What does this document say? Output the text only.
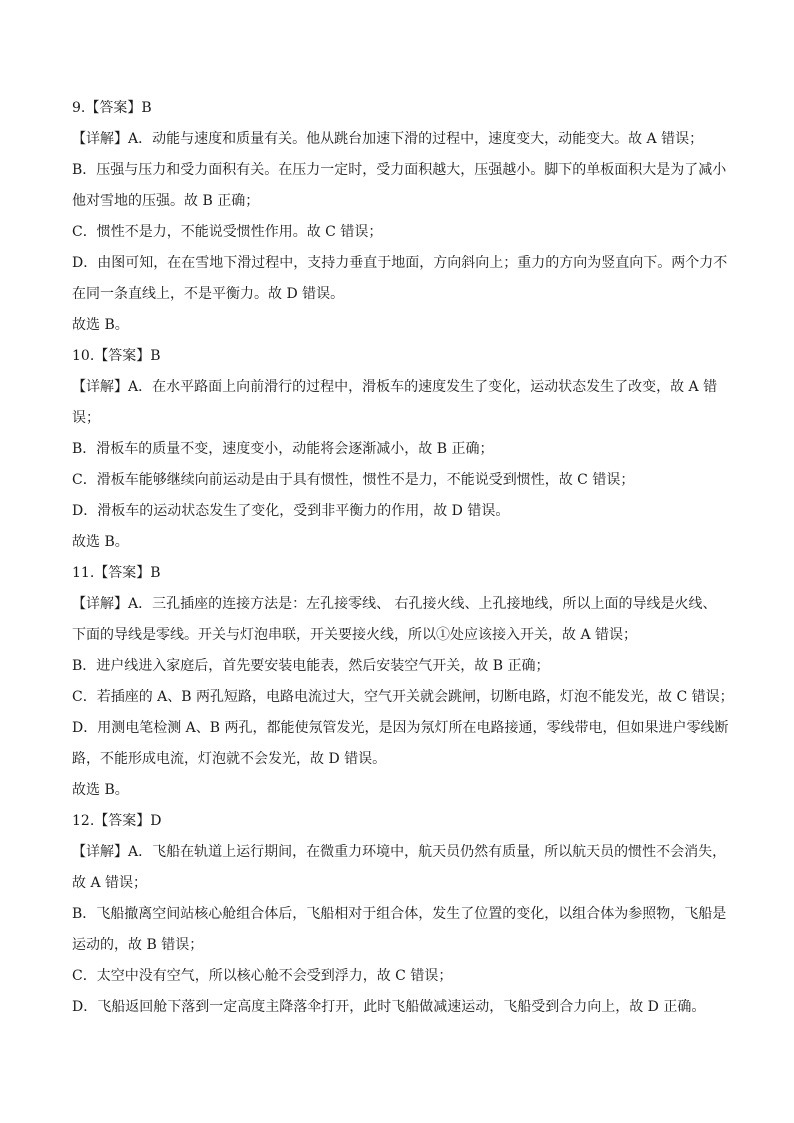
9.【答案】B
【详解】A．动能与速度和质量有关。他从跳台加速下滑的过程中，速度变大，动能变大。故 A 错误；
B．压强与压力和受力面积有关。在压力一定时，受力面积越大，压强越小。脚下的单板面积大是为了减小
他对雪地的压强。故 B 正确；
C．惯性不是力，不能说受惯性作用。故 C 错误；
D．由图可知，在在雪地下滑过程中，支持力垂直于地面，方向斜向上；重力的方向为竖直向下。两个力不
在同一条直线上，不是平衡力。故 D 错误。
故选 B。
10.【答案】B
【详解】A．在水平路面上向前滑行的过程中，滑板车的速度发生了变化，运动状态发生了改变，故 A 错
误；
B．滑板车的质量不变，速度变小，动能将会逐渐减小，故 B 正确；
C．滑板车能够继续向前运动是由于具有惯性，惯性不是力，不能说受到惯性，故 C 错误；
D．滑板车的运动状态发生了变化，受到非平衡力的作用，故 D 错误。
故选 B。
11.【答案】B
【详解】A．三孔插座的连接方法是：左孔接零线、 右孔接火线、上孔接地线，所以上面的导线是火线、
下面的导线是零线。开关与灯泡串联，开关要接火线，所以①处应该接入开关，故 A 错误；
B．进户线进入家庭后，首先要安装电能表，然后安装空气开关，故 B 正确；
C．若插座的 A、B 两孔短路，电路电流过大，空气开关就会跳闸，切断电路，灯泡不能发光，故 C 错误；
D．用测电笔检测 A、B 两孔，都能使氖管发光，是因为氖灯所在电路接通，零线带电，但如果进户零线断
路，不能形成电流，灯泡就不会发光，故 D 错误。
故选 B。
12.【答案】D
【详解】A．飞船在轨道上运行期间，在微重力环境中，航天员仍然有质量，所以航天员的惯性不会消失，
故 A 错误；
B．飞船撤离空间站核心舱组合体后，飞船相对于组合体，发生了位置的变化，以组合体为参照物，飞船是
运动的，故 B 错误；
C．太空中没有空气，所以核心舱不会受到浮力，故 C 错误；
D．飞船返回舱下落到一定高度主降落伞打开，此时飞船做减速运动，飞船受到合力向上，故 D 正确。
